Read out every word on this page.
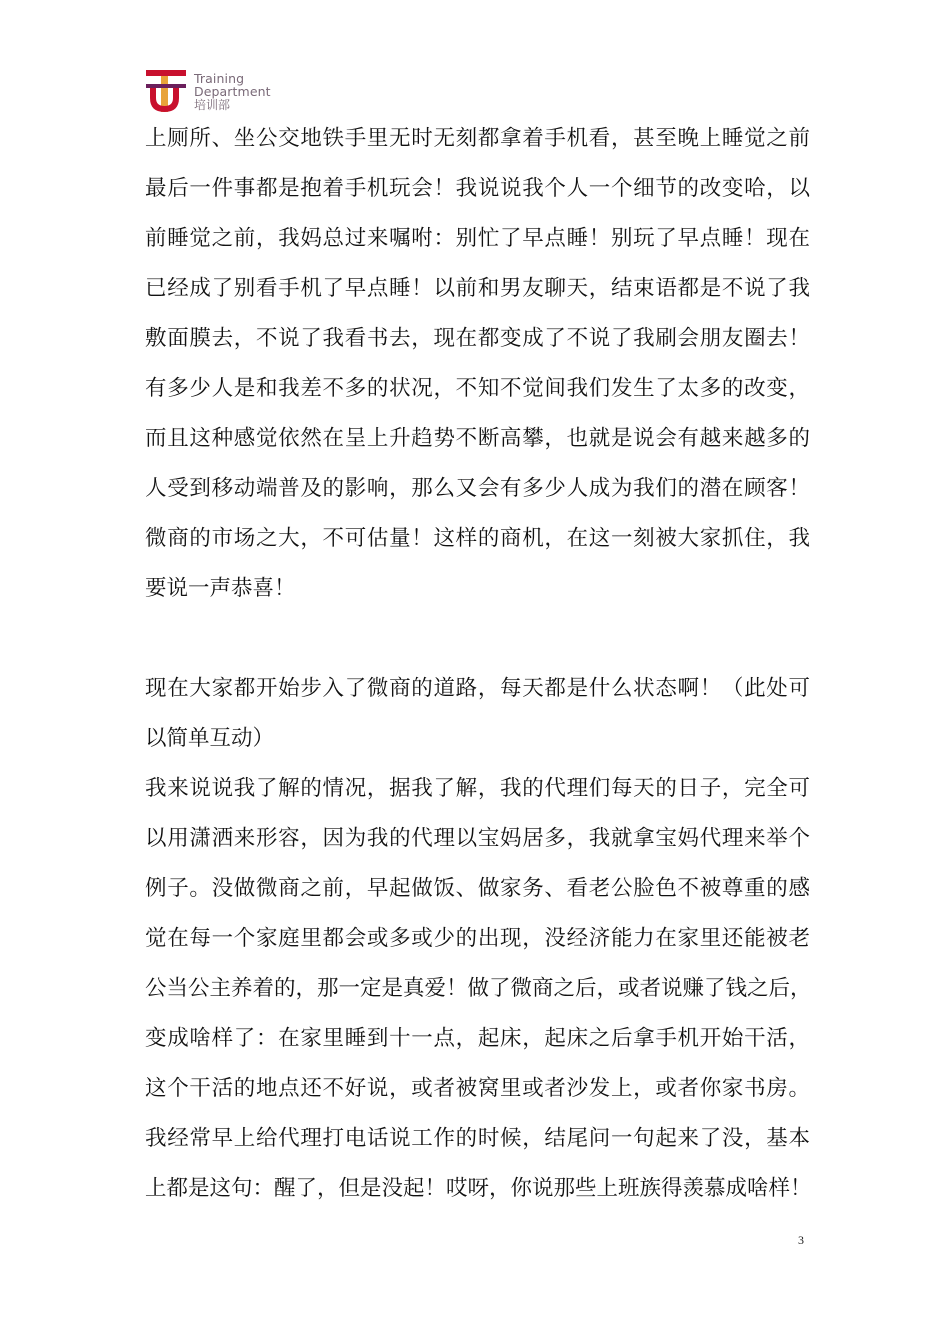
Training
Department
培训部
上厕所、坐公交地铁手里无时无刻都拿着手机看，甚至晚上睡觉之前
最后一件事都是抱着手机玩会！我说说我个人一个细节的改变哈，以
前睡觉之前，我妈总过来嘱咐：别忙了早点睡！别玩了早点睡！现在
已经成了别看手机了早点睡！以前和男友聊天，结束语都是不说了我
敷面膜去，不说了我看书去，现在都变成了不说了我刷会朋友圈去！
有多少人是和我差不多的状况，不知不觉间我们发生了太多的改变，
而且这种感觉依然在呈上升趋势不断高攀，也就是说会有越来越多的
人受到移动端普及的影响，那么又会有多少人成为我们的潜在顾客！
微商的市场之大，不可估量！这样的商机，在这一刻被大家抓住，我
要说一声恭喜！
现在大家都开始步入了微商的道路，每天都是什么状态啊！（此处可
以简单互动）
我来说说我了解的情况，据我了解，我的代理们每天的日子，完全可
以用潇洒来形容，因为我的代理以宝妈居多，我就拿宝妈代理来举个
例子。没做微商之前，早起做饭、做家务、看老公脸色不被尊重的感
觉在每一个家庭里都会或多或少的出现，没经济能力在家里还能被老
公当公主养着的，那一定是真爱！做了微商之后，或者说赚了钱之后，
变成啥样了：在家里睡到十一点，起床，起床之后拿手机开始干活，
这个干活的地点还不好说，或者被窝里或者沙发上，或者你家书房。
我经常早上给代理打电话说工作的时候，结尾问一句起来了没，基本
上都是这句：醒了，但是没起！哎呀，你说那些上班族得羡慕成啥样！
3
